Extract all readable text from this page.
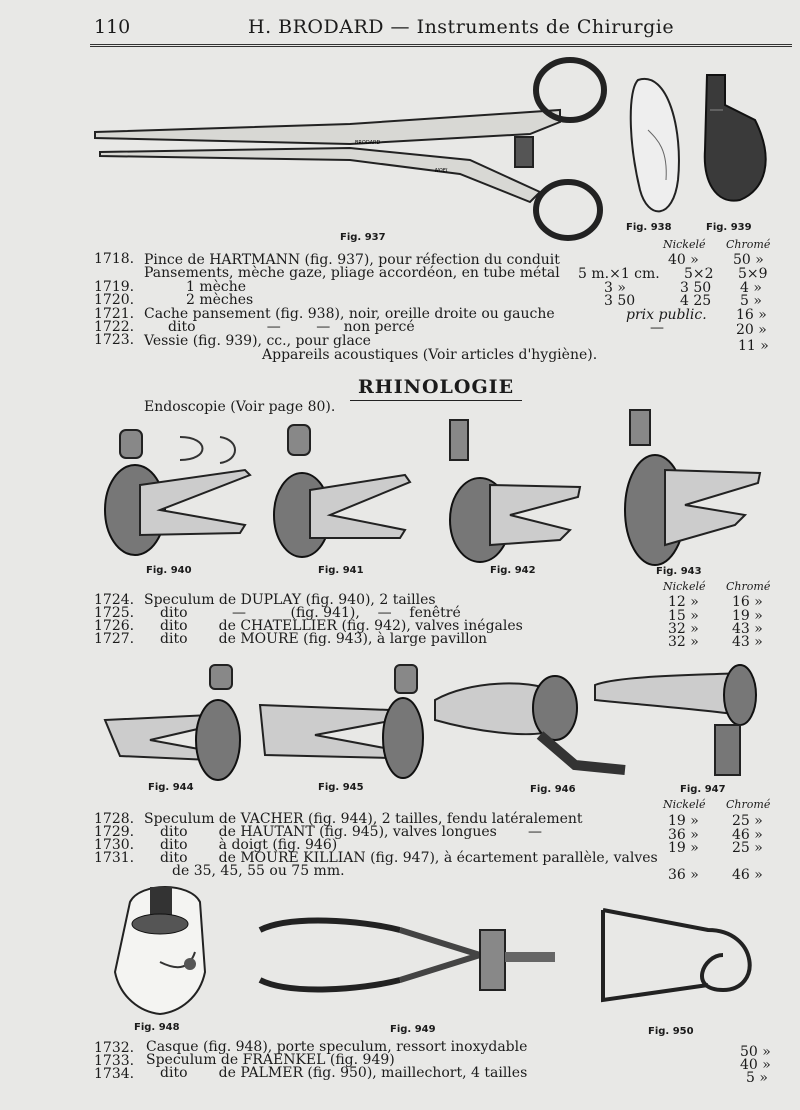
110	H. BRODARD — Instruments de Chirurgie
BRODARD
NOEL
Fig. 937
Fig. 938	Fig. 939
Nickelé Chromé
1718. Pince de HARTMANN (fig. 937), pour réfection du conduit	40 » 50 »
Pansements, mèche gaze, pliage accordéon, en tube métal 5 m.×1 cm. 5×2 5×9
1719.	1 mèche	3 »	3 50 4 »
1720.	2 mèches	3 50	4 25 5 »
1721. Cache pansement (fig. 938), noir, oreille droite ou gauche	prix public. 16 »
1722. dito                —        —   non percé	—	20 »
1723. Vessie (fig. 939), cc., pour glace	11 »
Appareils acoustiques (Voir articles d'hygiène).
RHINOLOGIE
Endoscopie (Voir page 80).
Fig. 940	Fig. 941	Fig. 942	Fig. 943
Nickelé Chromé
1724. Speculum de DUPLAY (fig. 940), 2 tailles	12 » 16 »
1725. dito          —          (fig. 941),    —    fenêtré	15 » 19 »
1726. dito       de CHATELLIER (fig. 942), valves inégales	32 » 43 »
1727. dito       de MOURE (fig. 943), à large pavillon	32 » 43 »
Fig. 944	Fig. 945	Fig. 946	Fig. 947
Nickelé Chromé
1728. Speculum de VACHER (fig. 944), 2 tailles, fendu latéralement	19 » 25 »
1729. dito       de HAUTANT (fig. 945), valves longues       —	36 » 46 »
1730. dito       à doigt (fig. 946)	19 » 25 »
1731. dito       de MOURE KILLIAN (fig. 947), à écartement parallèle, valves
de 35, 45, 55 ou 75 mm.	36 » 46 »
Fig. 948	Fig. 949	Fig. 950
1732. Casque (fig. 948), porte speculum, ressort inoxydable	50 »
1733. Speculum de FRAENKEL (fig. 949)	40 »
1734. dito       de PALMER (fig. 950), maillechort, 4 tailles	5 »
